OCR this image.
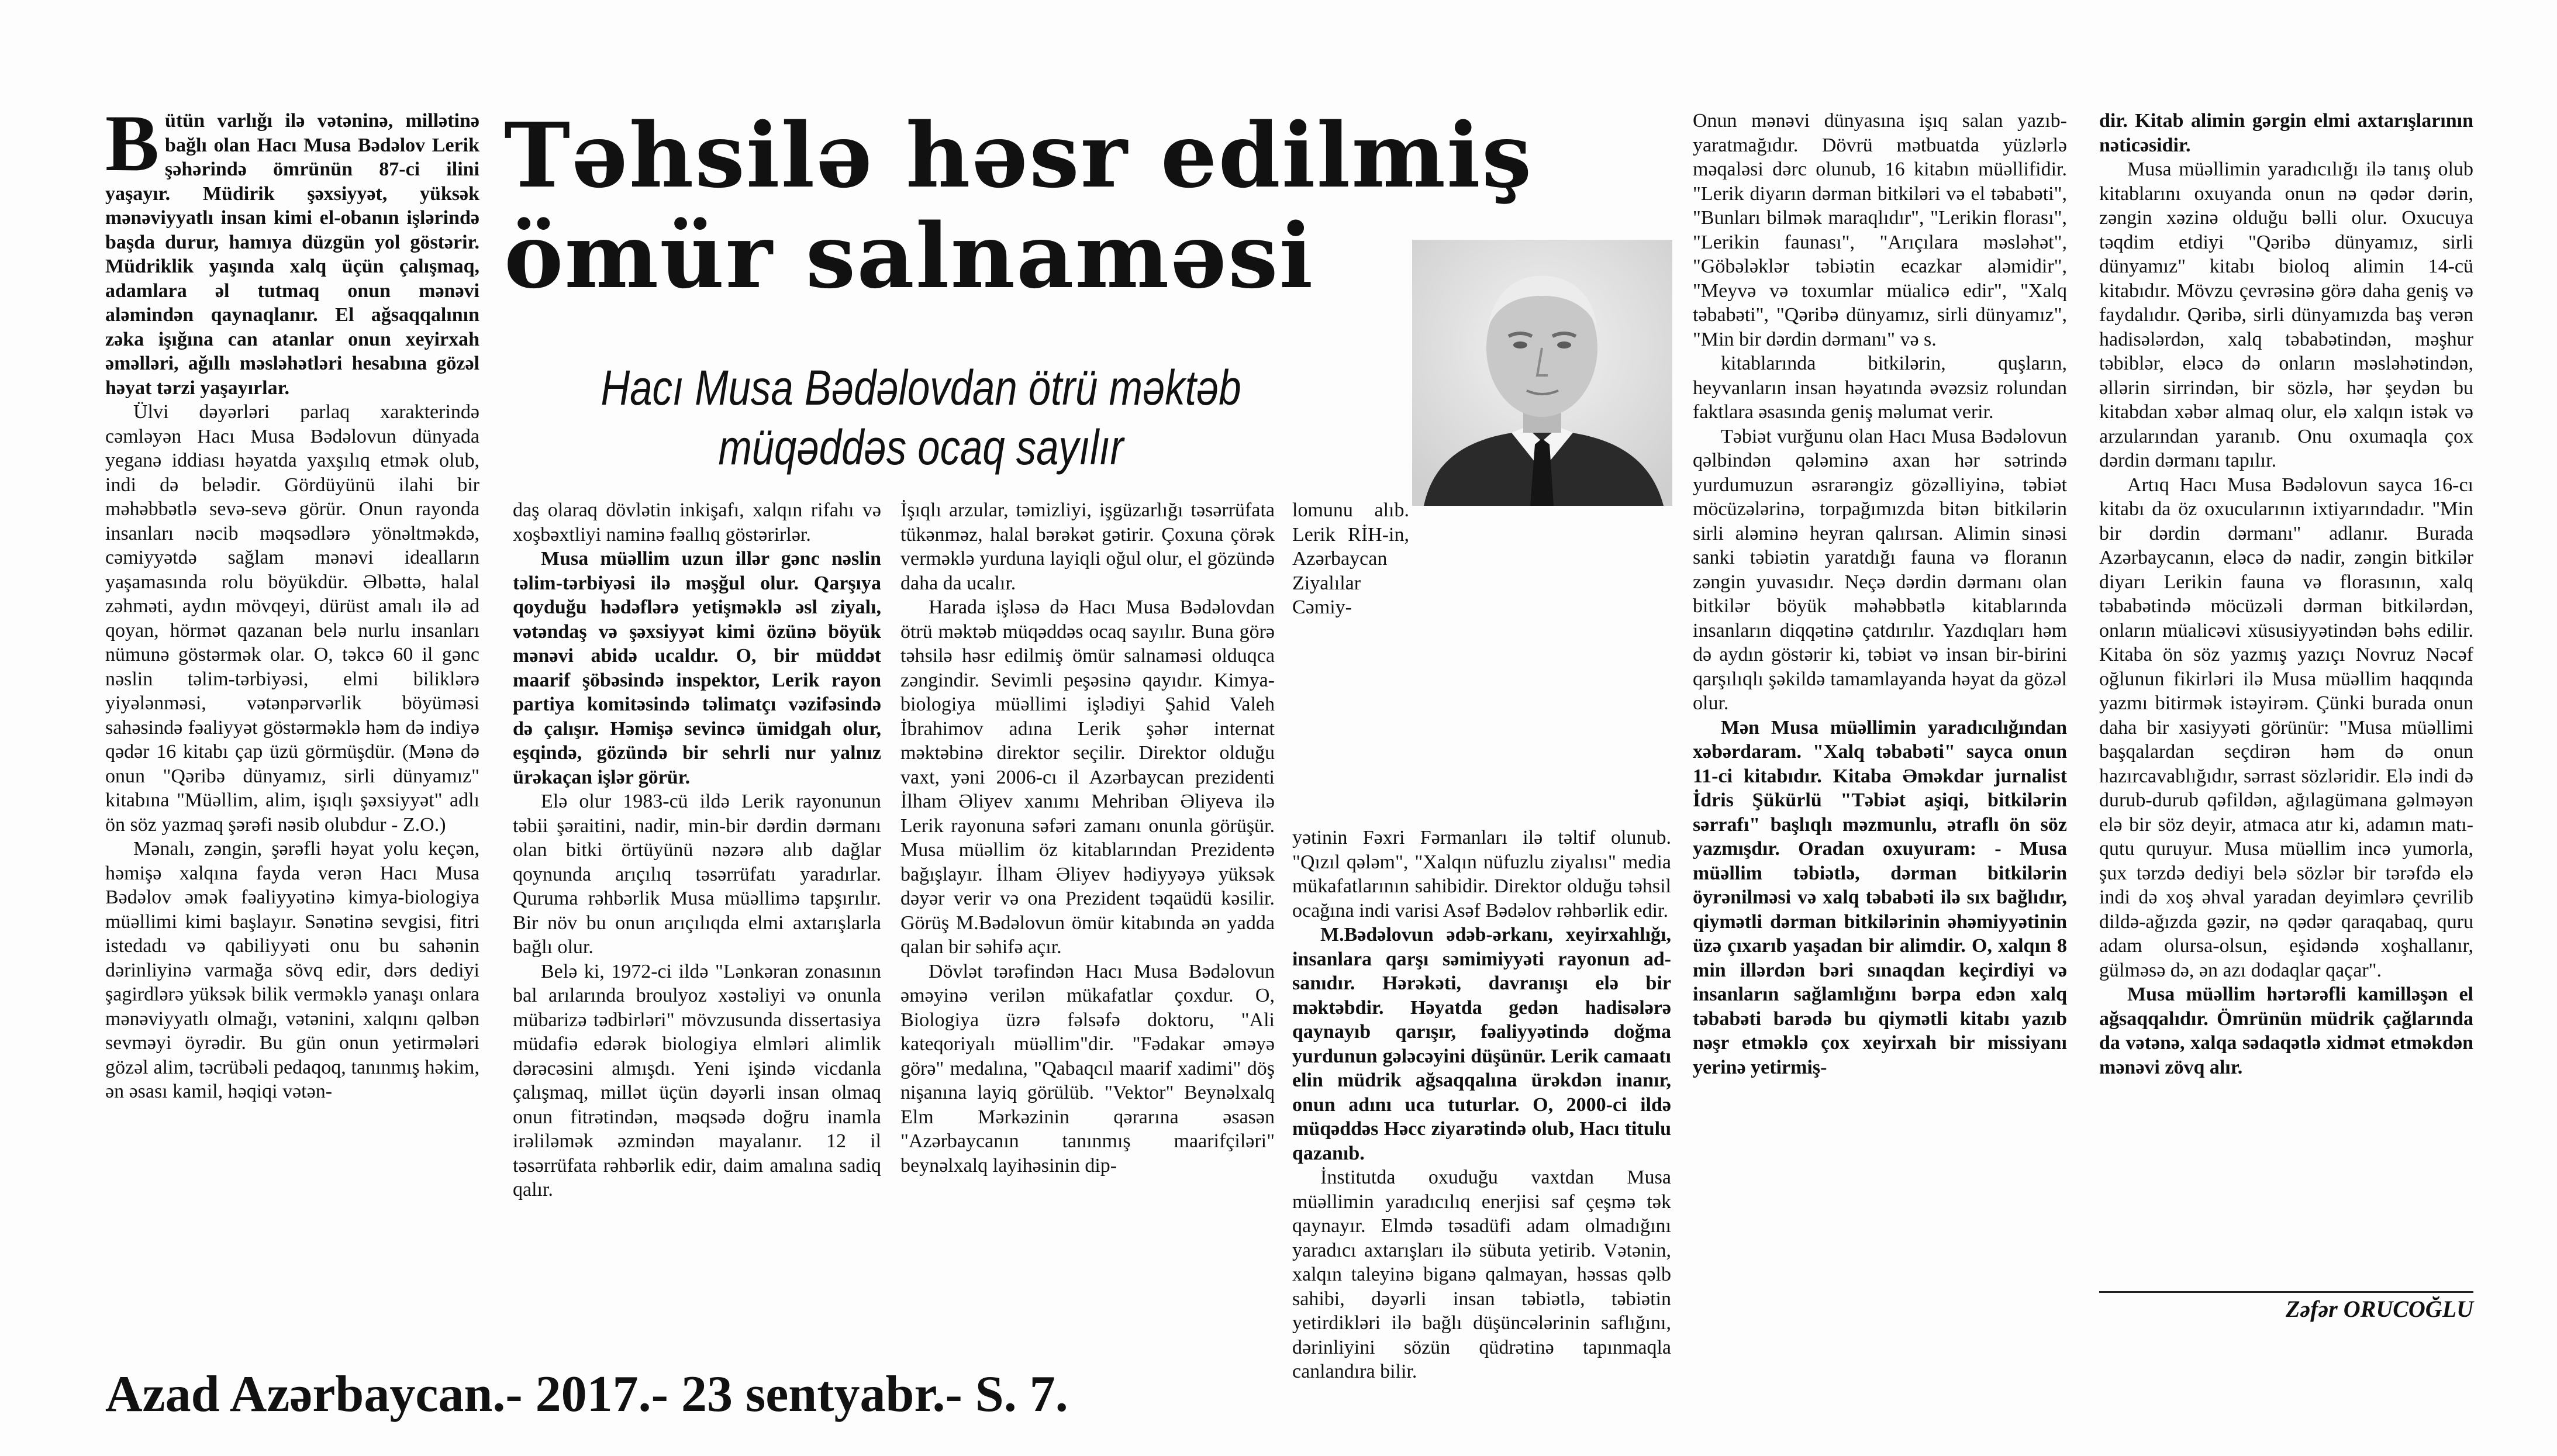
Bütün varlığı ilə vətəninə, millətinə bağlı olan Hacı Musa Bədəlov Lerik şəhərində ömrünün 87-ci ilini yaşayır. Müdirik şəxsiyyət, yüksək mənəviyyatlı insan kimi el-obanın işlərində başda durur, hamıya düzgün yol göstərir. Müdriklik yaşında xalq üçün çalışmaq, adamlara əl tutmaq onun mənəvi aləmindən qaynaqlanır. El ağsaqqalının zəka işığına can atanlar onun xeyirxah əməlləri, ağıllı məsləhətləri hesabına gözəl həyat tərzi yaşayırlar.

Ülvi dəyərləri parlaq xarakterində cəmləyən Hacı Musa Bədəlovun dünyada yeganə iddiası həyatda yaxşılıq etmək olub, indi də belədir. Gördüyünü ilahi bir məhəbbətlə sevə-sevə görür. Onun rayonda insanları nəcib məqsədlərə yönəltməkdə, cəmiyyətdə sağlam mənəvi idealların yaşamasında rolu böyükdür. Əlbəttə, halal zəhməti, aydın mövqeyi, dürüst amalı ilə ad qoyan, hörmət qazanan belə nurlu insanları nümunə göstərmək olar. O, təkcə 60 il gənc nəslin təlim-tərbiyəsi, elmi biliklərə yiyələnməsi, vətənpərvərlik böyüməsi sahəsində fəaliyyət göstərməklə həm də indiyə qədər 16 kitabı çap üzü görmüşdür. (Mənə də onun "Qəribə dünyamız, sirli dünyamız" kitabına "Müəllim, alim, işıqlı şəxsiyyət" adlı ön söz yazmaq şərəfi nəsib olubdur - Z.O.)

Mənalı, zəngin, şərəfli həyat yolu keçən, həmişə xalqına fayda verən Hacı Musa Bədəlov əmək fəaliyyətinə kimya-biologiya müəllimi kimi başlayır. Sənətinə sevgisi, fitri istedadı və qabiliyyəti onu bu sahənin dərinliyinə varmağa sövq edir, dərs dediyi şagirdlərə yüksək bilik verməklə yanaşı onlara mənəviyyatlı olmağı, vətənini, xalqını qəlbən sevməyi öyrədir. Bu gün onun yetirmələri gözəl alim, təcrübəli pedaqoq, tanınmış həkim, ən əsası kamil, həqiqi vətən-

Təhsilə həsr edilmiş
ömür salnaməsi
Hacı Musa Bədəlovdan ötrü məktəb
müqəddəs ocaq sayılır

daş olaraq dövlətin inkişafı, xalqın rifahı və xoşbəxtliyi naminə fəallıq göstərirlər.

Musa müəllim uzun illər gənc nəslin təlim-tərbiyəsi ilə məşğul olur. Qarşıya qoyduğu hədəflərə yetişməklə əsl ziyalı, vətəndaş və şəxsiyyət kimi özünə böyük mənəvi abidə ucaldır. O, bir müddət maarif şöbəsində inspektor, Lerik rayon partiya komitəsində təlimatçı vəzifəsində də çalışır. Həmişə sevincə ümidgah olur, eşqində, gözündə bir sehrli nur yalnız ürəkaçan işlər görür.

Elə olur 1983-cü ildə Lerik rayonunun təbii şəraitini, nadir, min-bir dərdin dərmanı olan bitki örtüyünü nəzərə alıb dağlar qoynunda arıçılıq təsərrüfatı yaradırlar. Quruma rəhbərlik Musa müəllimə tapşırılır. Bir növ bu onun arıçılıqda elmi axtarışlarla bağlı olur.

Belə ki, 1972-ci ildə "Lənkəran zonasının bal arılarında broulyoz xəstəliyi və onunla mübarizə tədbirləri" mövzusunda dissertasiya müdafiə edərək biologiya elmləri alimlik dərəcəsini almışdı. Yeni işində vicdanla çalışmaq, millət üçün dəyərli insan olmaq onun fitrətindən, məqsədə doğru inamla irəliləmək əzmindən mayalanır. 12 il təsərrüfata rəhbərlik edir, daim amalına sadiq qalır.

İşıqlı arzular, təmizliyi, işgüzarlığı təsərrüfata tükənməz, halal bərəkət gətirir. Çoxuna çörək verməklə yurduna layiqli oğul olur, el gözündə daha da ucalır.

Harada işləsə də Hacı Musa Bədəlovdan ötrü məktəb müqəddəs ocaq sayılır. Buna görə təhsilə həsr edilmiş ömür salnaməsi olduqca zəngindir. Sevimli peşəsinə qayıdır. Kimya-biologiya müəllimi işlədiyi Şahid Valeh İbrahimov adına Lerik şəhər internat məktəbinə direktor seçilir. Direktor olduğu vaxt, yəni 2006-cı il Azərbaycan prezidenti İlham Əliyev xanımı Mehriban Əliyeva ilə Lerik rayonuna səfəri zamanı onunla görüşür. Musa müəllim öz kitablarından Prezidentə bağışlayır. İlham Əliyev hədiyyəyə yüksək dəyər verir və ona Prezident təqaüdü kəsilir. Görüş M.Bədəlovun ömür kitabında ən yadda qalan bir səhifə açır.

Dövlət tərəfindən Hacı Musa Bədəlovun əməyinə verilən mükafatlar çoxdur. O, Biologiya üzrə fəlsəfə doktoru, "Ali kateqoriyalı müəllim"dir. "Fədakar əməyə görə" medalına, "Qabaqcıl maarif xadimi" döş nişanına layiq görülüb. "Vektor" Beynəlxalq Elm Mərkəzinin qərarına əsasən "Azərbaycanın tanınmış maarifçiləri" beynəlxalq layihəsinin dip-

lomunu alıb. Lerik RİH-in, Azərbaycan Ziyalılar Cəmiy-

yətinin Fəxri Fərmanları ilə təltif olunub. "Qızıl qələm", "Xalqın nüfuzlu ziyalısı" media mükafatlarının sahibidir. Direktor olduğu təhsil ocağına indi varisi Asəf Bədəlov rəhbərlik edir.

M.Bədəlovun ədəb-ərkanı, xeyirxahlığı, insanlara qarşı səmimiyyəti rayonun ad-sanıdır. Hərəkəti, davranışı elə bir məktəbdir. Həyatda gedən hadisələrə qaynayıb qarışır, fəaliyyətində doğma yurdunun gələcəyini düşünür. Lerik camaatı elin müdrik ağsaqqalına ürəkdən inanır, onun adını uca tuturlar. O, 2000-ci ildə müqəddəs Həcc ziyarətində olub, Hacı titulu qazanıb.

İnstitutda oxuduğu vaxtdan Musa müəllimin yaradıcılıq enerjisi saf çeşmə tək qaynayır. Elmdə təsadüfi adam olmadığını yaradıcı axtarışları ilə sübuta yetirib. Vətənin, xalqın taleyinə biganə qalmayan, həssas qəlb sahibi, dəyərli insan təbiətlə, təbiətin yetirdikləri ilə bağlı düşüncələrinin saflığını, dərinliyini sözün qüdrətinə tapınmaqla canlandıra bilir.

Onun mənəvi dünyasına işıq salan yazıb-yaratmağıdır. Dövrü mətbuatda yüzlərlə məqaləsi dərc olunub, 16 kitabın müəllifidir. "Lerik diyarın dərman bitkiləri və el təbabəti", "Bunları bilmək maraqlıdır", "Lerikin florası", "Lerikin faunası", "Arıçılara məsləhət", "Göbələklər təbiətin ecazkar aləmidir", "Meyvə və toxumlar müalicə edir", "Xalq təbabəti", "Qəribə dünyamız, sirli dünyamız", "Min bir dərdin dərmanı" və s.

kitablarında bitkilərin, quşların, heyvanların insan həyatında əvəzsiz rolundan faktlara əsasında geniş məlumat verir.

Təbiət vurğunu olan Hacı Musa Bədəlovun qəlbindən qələminə axan hər sətrində yurdumuzun əsrarəngiz gözəlliyinə, təbiət möcüzələrinə, torpağımızda bitən bitkilərin sirli aləminə heyran qalırsan. Alimin sinəsi sanki təbiətin yaratdığı fauna və floranın zəngin yuvasıdır. Neçə dərdin dərmanı olan bitkilər böyük məhəbbətlə kitablarında insanların diqqətinə çatdırılır. Yazdıqları həm də aydın göstərir ki, təbiət və insan bir-birini qarşılıqlı şəkildə tamamlayanda həyat da gözəl olur.

Mən Musa müəllimin yaradıcılığından xəbərdaram. "Xalq təbabəti" sayca onun 11-ci kitabıdır. Kitaba Əməkdar jurnalist İdris Şükürlü "Təbiət aşiqi, bitkilərin sərrafı" başlıqlı məzmunlu, ətraflı ön söz yazmışdır. Oradan oxuyuram: - Musa müəllim təbiətlə, dərman bitkilərin öyrənilməsi və xalq təbabəti ilə sıx bağlıdır, qiymətli dərman bitkilərinin əhəmiyyətinin üzə çıxarıb yaşadan bir alimdir. O, xalqın 8 min illərdən bəri sınaqdan keçirdiyi və insanların sağlamlığını bərpa edən xalq təbabəti barədə bu qiymətli kitabı yazıb nəşr etməklə çox xeyirxah bir missiyanı yerinə yetirmiş-

dir. Kitab alimin gərgin elmi axtarışlarının nəticəsidir.

Musa müəllimin yaradıcılığı ilə tanış olub kitablarını oxuyanda onun nə qədər dərin, zəngin xəzinə olduğu bəlli olur. Oxucuya təqdim etdiyi "Qəribə dünyamız, sirli dünyamız" kitabı bioloq alimin 14-cü kitabıdır. Mövzu çevrəsinə görə daha geniş və faydalıdır. Qəribə, sirli dünyamızda baş verən hadisələrdən, xalq təbabətindən, məşhur təbiblər, eləcə də onların məsləhətindən, əllərin sirrindən, bir sözlə, hər şeydən bu kitabdan xəbər almaq olur, elə xalqın istək və arzularından yaranıb. Onu oxumaqla çox dərdin dərmanı tapılır.

Artıq Hacı Musa Bədəlovun sayca 16-cı kitabı da öz oxucularının ixtiyarındadır. "Min bir dərdin dərmanı" adlanır. Burada Azərbaycanın, eləcə də nadir, zəngin bitkilər diyarı Lerikin fauna və florasının, xalq təbabətində möcüzəli dərman bitkilərdən, onların müalicəvi xüsusiyyətindən bəhs edilir. Kitaba ön söz yazmış yazıçı Novruz Nəcəf oğlunun fikirləri ilə Musa müəllim haqqında yazmı bitirmək istəyirəm. Çünki burada onun daha bir xasiyyəti görünür: "Musa müəllimi başqalardan seçdirən həm də onun hazırcavablığıdır, sərrast sözləridir. Elə indi də durub-durub qəfildən, ağılagümana gəlməyən elə bir söz deyir, atmaca atır ki, adamın matı-qutu quruyur. Musa müəllim incə yumorla, şux tərzdə dediyi belə sözlər bir tərəfdə elə indi də xoş əhval yaradan deyimlərə çevrilib dildə-ağızda gəzir, nə qədər qaraqabaq, quru adam olursa-olsun, eşidəndə xoşhallanır, gülməsə də, ən azı dodaqlar qaçar".

Musa müəllim hərtərəfli kamilləşən el ağsaqqalıdır. Ömrünün müdrik çağlarında da vətənə, xalqa sədaqətlə xidmət etməkdən mənəvi zövq alır.

Zəfər ORUCOĞLU
Azad Azərbaycan.- 2017.- 23 sentyabr.- S. 7.
